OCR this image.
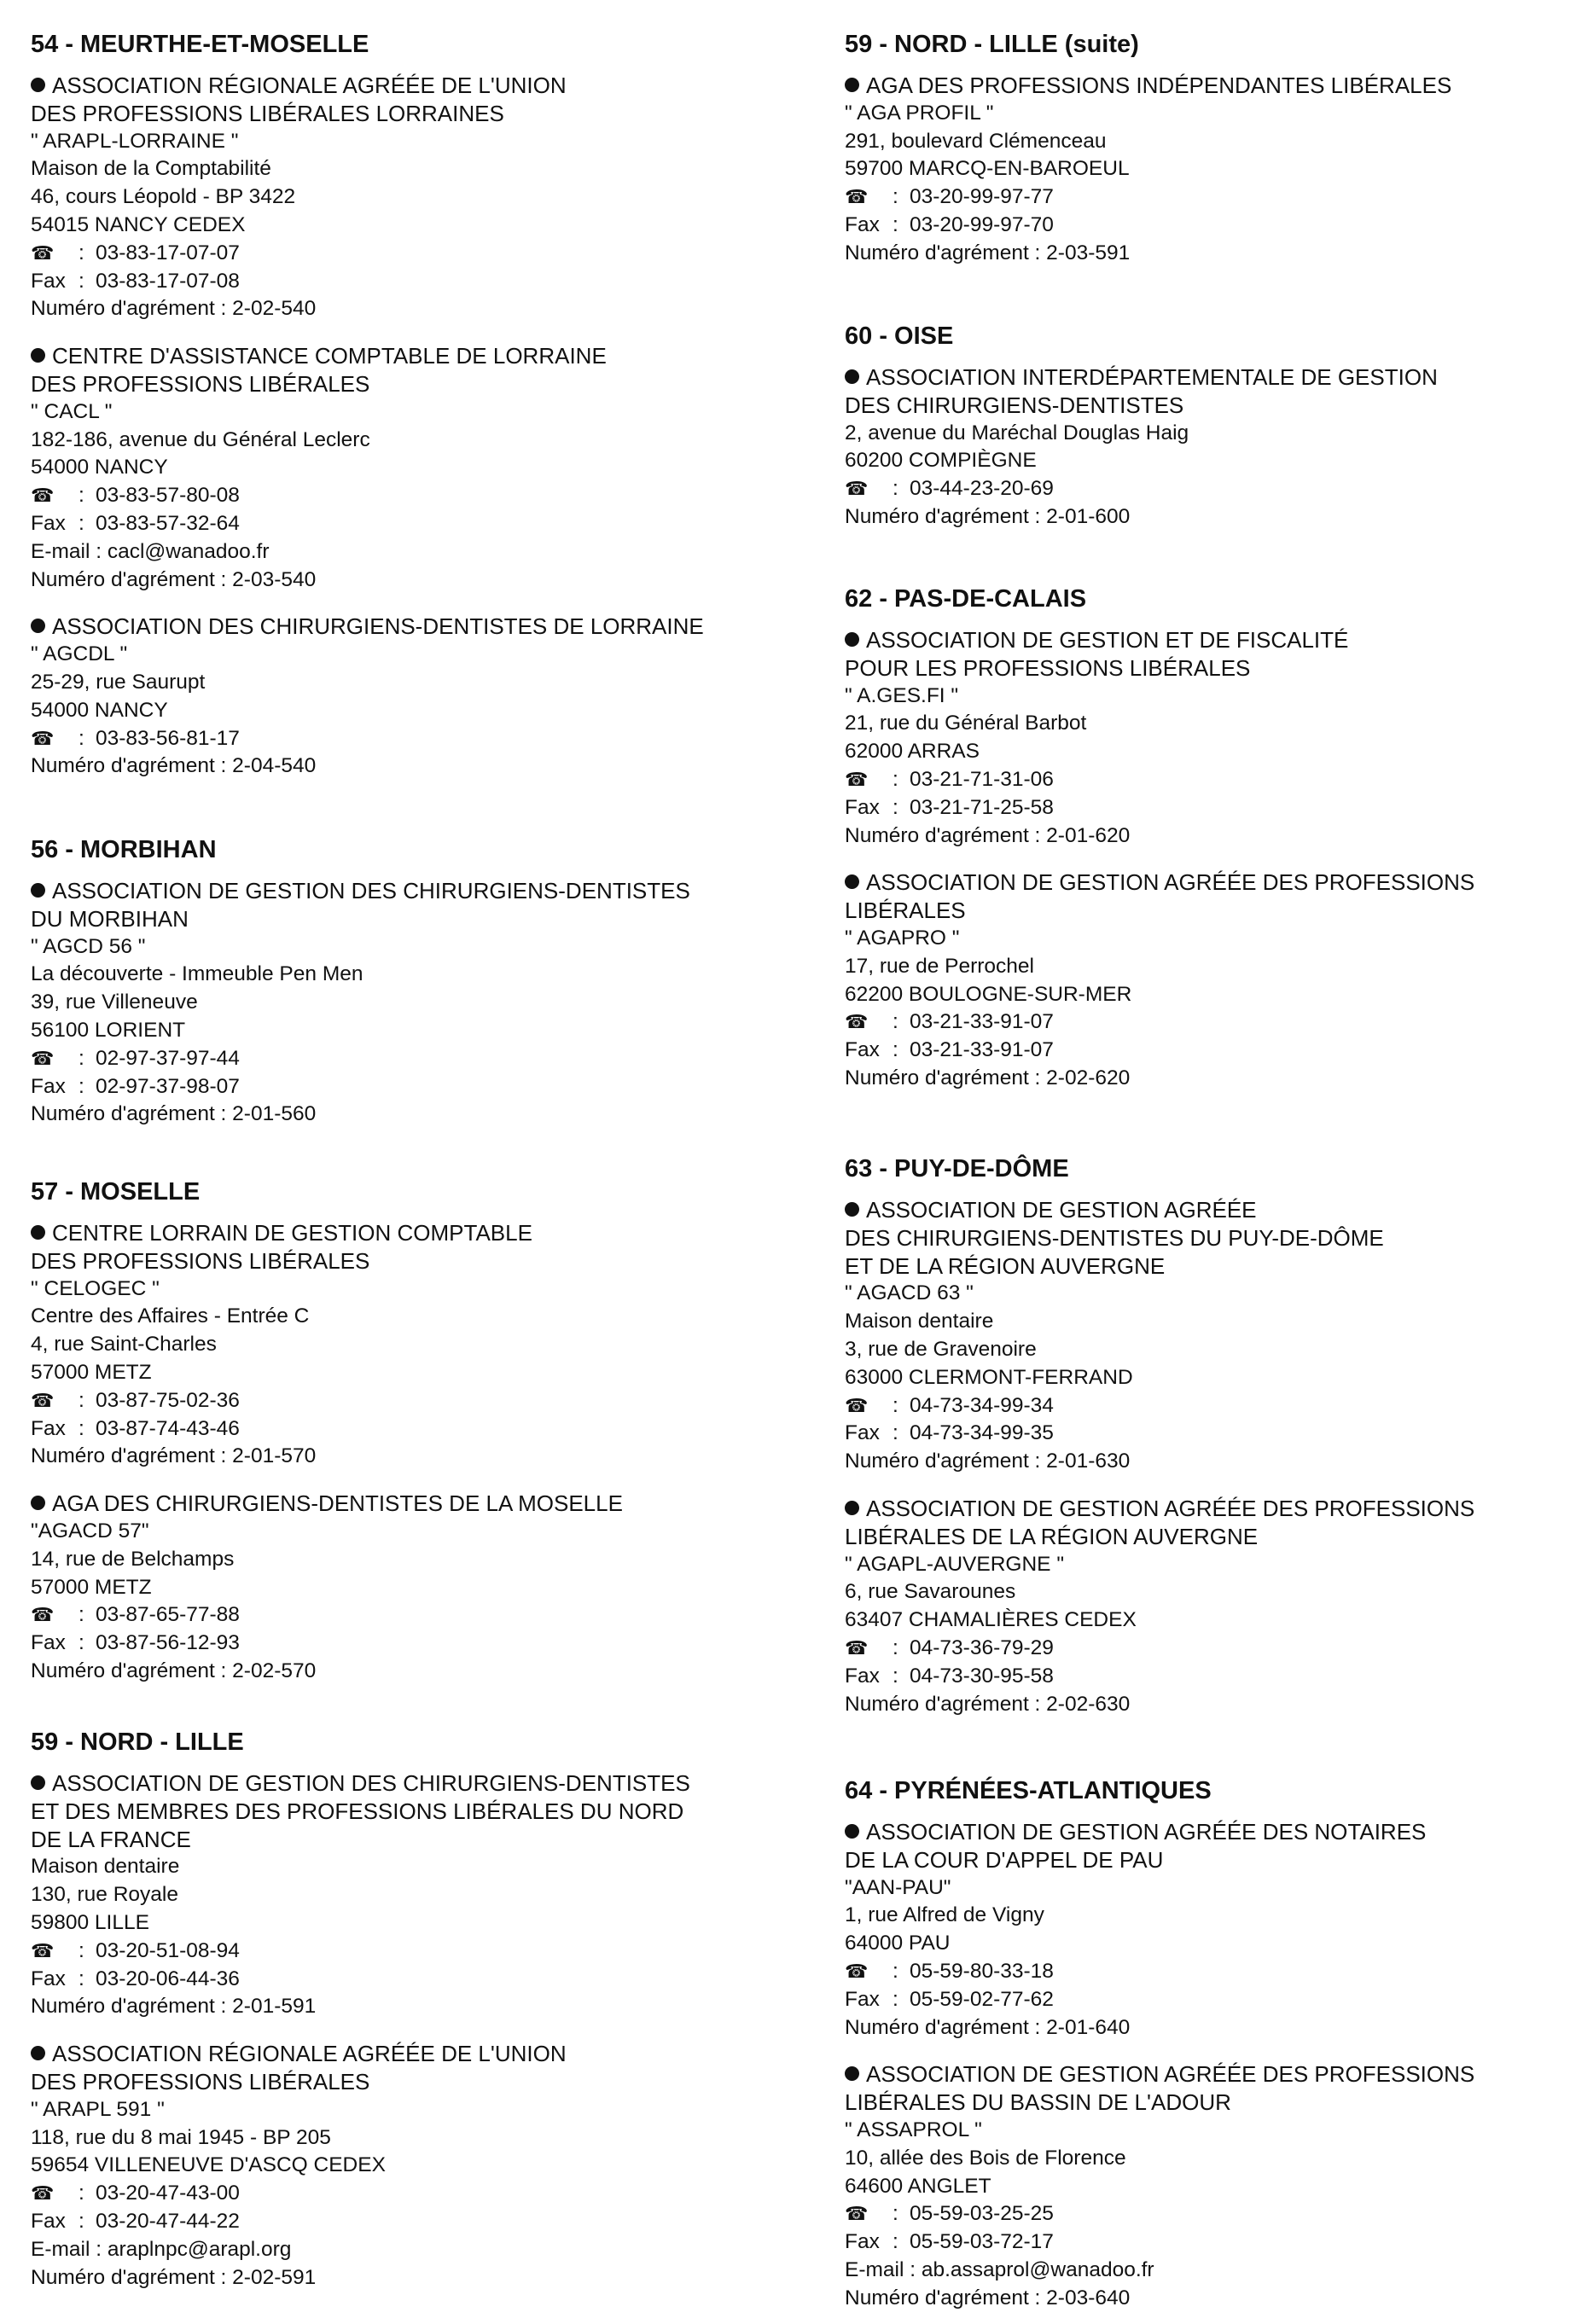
54 - MEURTHE-ET-MOSELLE
ASSOCIATION RÉGIONALE AGRÉÉE DE L'UNION
DES PROFESSIONS LIBÉRALES LORRAINES
" ARAPL-LORRAINE "
Maison de la Comptabilité
46, cours Léopold - BP 3422
54015 NANCY CEDEX
☎ : 03-83-17-07-07
Fax : 03-83-17-07-08
Numéro d'agrément : 2-02-540
CENTRE D'ASSISTANCE COMPTABLE DE LORRAINE
DES PROFESSIONS LIBÉRALES
" CACL "
182-186, avenue du Général Leclerc
54000 NANCY
☎ : 03-83-57-80-08
Fax : 03-83-57-32-64
E-mail : cacl@wanadoo.fr
Numéro d'agrément : 2-03-540
ASSOCIATION DES CHIRURGIENS-DENTISTES DE LORRAINE
" AGCDL "
25-29, rue Saurupt
54000 NANCY
☎ : 03-83-56-81-17
Numéro d'agrément : 2-04-540
56 - MORBIHAN
ASSOCIATION DE GESTION DES CHIRURGIENS-DENTISTES
DU MORBIHAN
" AGCD 56 "
La découverte - Immeuble Pen Men
39, rue Villeneuve
56100 LORIENT
☎ : 02-97-37-97-44
Fax : 02-97-37-98-07
Numéro d'agrément : 2-01-560
57 - MOSELLE
CENTRE LORRAIN DE GESTION COMPTABLE
DES PROFESSIONS LIBÉRALES
" CELOGEC "
Centre des Affaires - Entrée C
4, rue Saint-Charles
57000 METZ
☎ : 03-87-75-02-36
Fax : 03-87-74-43-46
Numéro d'agrément : 2-01-570
AGA DES CHIRURGIENS-DENTISTES DE LA MOSELLE
"AGACD 57"
14, rue de Belchamps
57000 METZ
☎ : 03-87-65-77-88
Fax : 03-87-56-12-93
Numéro d'agrément : 2-02-570
59 - NORD - LILLE
ASSOCIATION DE GESTION DES CHIRURGIENS-DENTISTES
ET DES MEMBRES DES PROFESSIONS LIBÉRALES DU NORD
DE LA FRANCE
Maison dentaire
130, rue Royale
59800 LILLE
☎ : 03-20-51-08-94
Fax : 03-20-06-44-36
Numéro d'agrément : 2-01-591
ASSOCIATION RÉGIONALE AGRÉÉE DE L'UNION
DES PROFESSIONS LIBÉRALES
" ARAPL 591 "
118, rue du 8 mai 1945 - BP 205
59654 VILLENEUVE D'ASCQ CEDEX
☎ : 03-20-47-43-00
Fax : 03-20-47-44-22
E-mail : araplnpc@arapl.org
Numéro d'agrément : 2-02-591
59 - NORD - LILLE (suite)
AGA DES PROFESSIONS INDÉPENDANTES LIBÉRALES
" AGA PROFIL "
291, boulevard Clémenceau
59700 MARCQ-EN-BAROEUL
☎ : 03-20-99-97-77
Fax : 03-20-99-97-70
Numéro d'agrément : 2-03-591
60 - OISE
ASSOCIATION INTERDÉPARTEMENTALE DE GESTION
DES CHIRURGIENS-DENTISTES
2, avenue du Maréchal Douglas Haig
60200 COMPIÈGNE
☎ : 03-44-23-20-69
Numéro d'agrément : 2-01-600
62 - PAS-DE-CALAIS
ASSOCIATION DE GESTION ET DE FISCALITÉ
POUR LES PROFESSIONS LIBÉRALES
" A.GES.FI "
21, rue du Général Barbot
62000 ARRAS
☎ : 03-21-71-31-06
Fax : 03-21-71-25-58
Numéro d'agrément : 2-01-620
ASSOCIATION DE GESTION AGRÉÉE DES PROFESSIONS
LIBÉRALES
" AGAPRO "
17, rue de Perrochel
62200 BOULOGNE-SUR-MER
☎ : 03-21-33-91-07
Fax : 03-21-33-91-07
Numéro d'agrément : 2-02-620
63 - PUY-DE-DÔME
ASSOCIATION DE GESTION AGRÉÉE
DES CHIRURGIENS-DENTISTES DU PUY-DE-DÔME
ET DE LA RÉGION AUVERGNE
" AGACD 63 "
Maison dentaire
3, rue de Gravenoire
63000 CLERMONT-FERRAND
☎ : 04-73-34-99-34
Fax : 04-73-34-99-35
Numéro d'agrément : 2-01-630
ASSOCIATION DE GESTION AGRÉÉE DES PROFESSIONS
LIBÉRALES DE LA RÉGION AUVERGNE
" AGAPL-AUVERGNE "
6, rue Savarounes
63407 CHAMALIÈRES CEDEX
☎ : 04-73-36-79-29
Fax : 04-73-30-95-58
Numéro d'agrément : 2-02-630
64 - PYRÉNÉES-ATLANTIQUES
ASSOCIATION DE GESTION AGRÉÉE DES NOTAIRES
DE LA COUR D'APPEL DE PAU
"AAN-PAU"
1, rue Alfred de Vigny
64000 PAU
☎ : 05-59-80-33-18
Fax : 05-59-02-77-62
Numéro d'agrément : 2-01-640
ASSOCIATION DE GESTION AGRÉÉE DES PROFESSIONS
LIBÉRALES DU BASSIN DE L'ADOUR
" ASSAPROL "
10, allée des Bois de Florence
64600 ANGLET
☎ : 05-59-03-25-25
Fax : 05-59-03-72-17
E-mail : ab.assaprol@wanadoo.fr
Numéro d'agrément : 2-03-640
